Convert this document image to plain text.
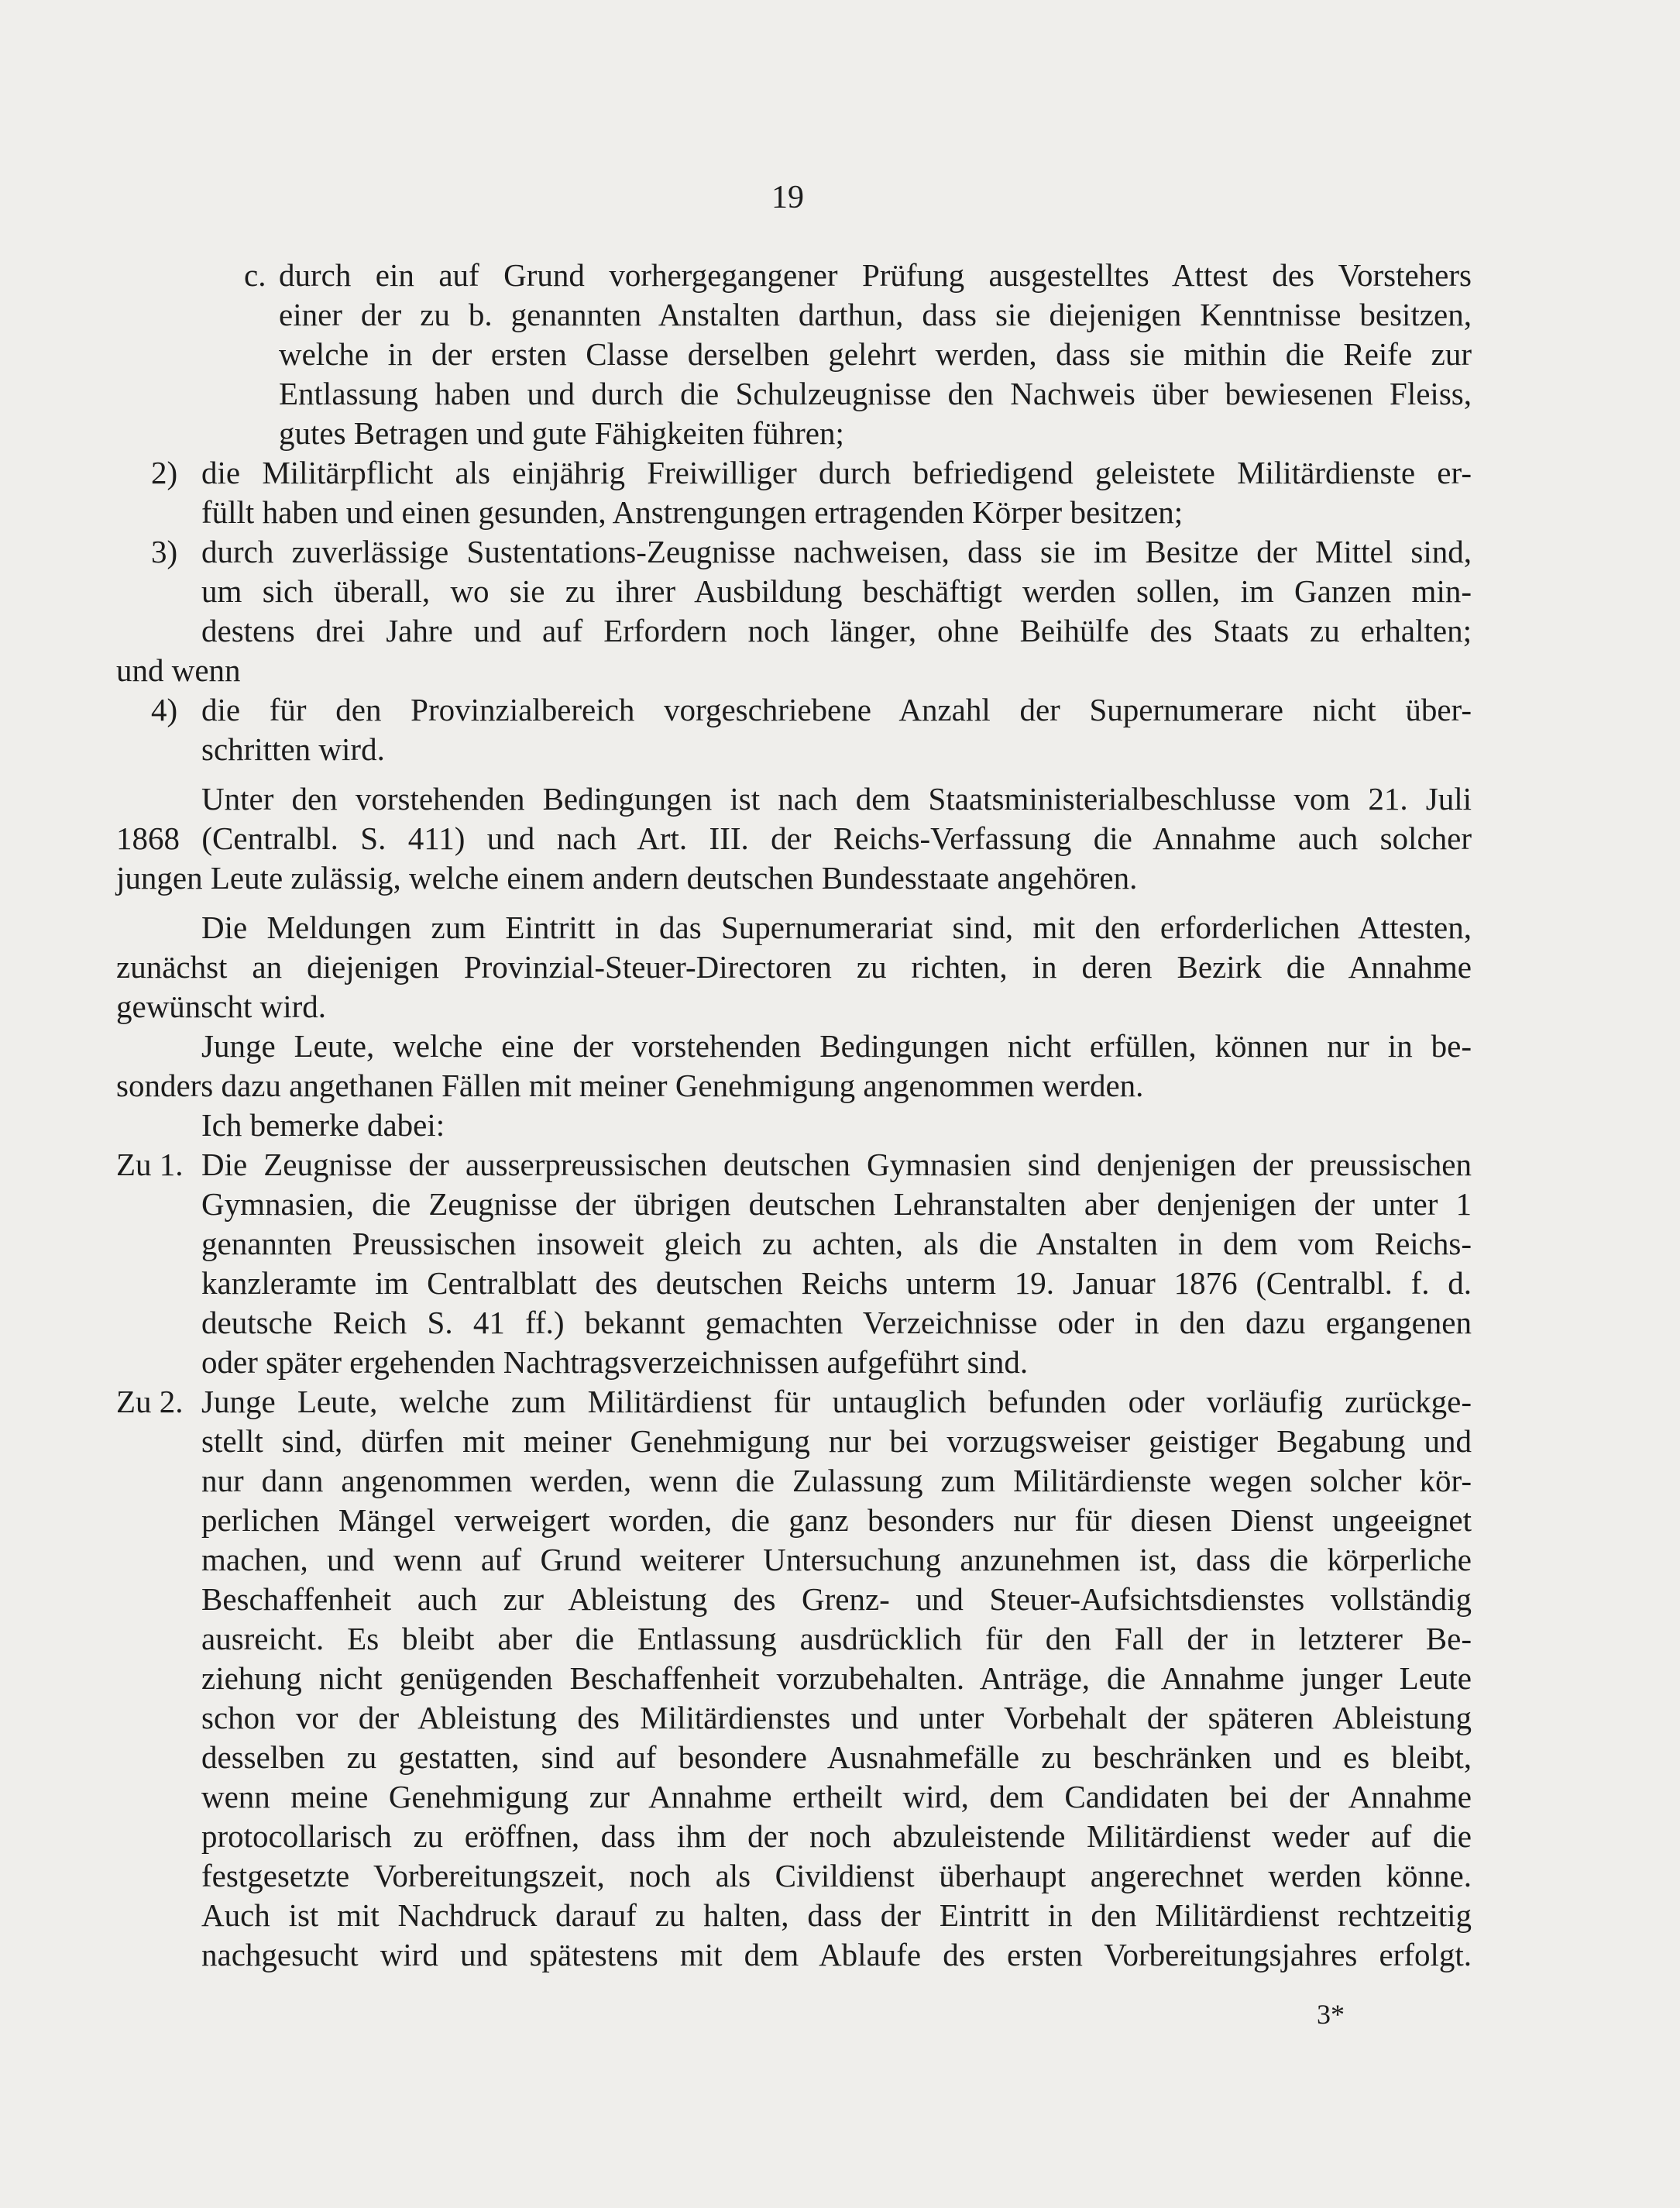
19
c. durch ein auf Grund vorhergegangener Prüfung ausgestelltes Attest des Vorstehers
einer der zu b. genannten Anstalten darthun, dass sie diejenigen Kenntnisse besitzen,
welche in der ersten Classe derselben gelehrt werden, dass sie mithin die Reife zur
Entlassung haben und durch die Schulzeugnisse den Nachweis über bewiesenen Fleiss,
gutes Betragen und gute Fähigkeiten führen;
2) die Militärpflicht als einjährig Freiwilliger durch befriedigend geleistete Militärdienste er-
füllt haben und einen gesunden, Anstrengungen ertragenden Körper besitzen;
3) durch zuverlässige Sustentations-Zeugnisse nachweisen, dass sie im Besitze der Mittel sind,
um sich überall, wo sie zu ihrer Ausbildung beschäftigt werden sollen, im Ganzen min-
destens drei Jahre und auf Erfordern noch länger, ohne Beihülfe des Staats zu erhalten;
und wenn
4) die für den Provinzialbereich vorgeschriebene Anzahl der Supernumerare nicht über-
schritten wird.
Unter den vorstehenden Bedingungen ist nach dem Staatsministerialbeschlusse vom 21. Juli
1868 (Centralbl. S. 411) und nach Art. III. der Reichs-Verfassung die Annahme auch solcher
jungen Leute zulässig, welche einem andern deutschen Bundesstaate angehören.
Die Meldungen zum Eintritt in das Supernumerariat sind, mit den erforderlichen Attesten,
zunächst an diejenigen Provinzial-Steuer-Directoren zu richten, in deren Bezirk die Annahme
gewünscht wird.
Junge Leute, welche eine der vorstehenden Bedingungen nicht erfüllen, können nur in be-
sonders dazu angethanen Fällen mit meiner Genehmigung angenommen werden.
Ich bemerke dabei:
Zu 1. Die Zeugnisse der ausserpreussischen deutschen Gymnasien sind denjenigen der preussischen
Gymnasien, die Zeugnisse der übrigen deutschen Lehranstalten aber denjenigen der unter 1
genannten Preussischen insoweit gleich zu achten, als die Anstalten in dem vom Reichs-
kanzleramte im Centralblatt des deutschen Reichs unterm 19. Januar 1876 (Centralbl. f. d.
deutsche Reich S. 41 ff.) bekannt gemachten Verzeichnisse oder in den dazu ergangenen
oder später ergehenden Nachtragsverzeichnissen aufgeführt sind.
Zu 2. Junge Leute, welche zum Militärdienst für untauglich befunden oder vorläufig zurückge-
stellt sind, dürfen mit meiner Genehmigung nur bei vorzugsweiser geistiger Begabung und
nur dann angenommen werden, wenn die Zulassung zum Militärdienste wegen solcher kör-
perlichen Mängel verweigert worden, die ganz besonders nur für diesen Dienst ungeeignet
machen, und wenn auf Grund weiterer Untersuchung anzunehmen ist, dass die körperliche
Beschaffenheit auch zur Ableistung des Grenz- und Steuer-Aufsichtsdienstes vollständig
ausreicht. Es bleibt aber die Entlassung ausdrücklich für den Fall der in letzterer Be-
ziehung nicht genügenden Beschaffenheit vorzubehalten. Anträge, die Annahme junger Leute
schon vor der Ableistung des Militärdienstes und unter Vorbehalt der späteren Ableistung
desselben zu gestatten, sind auf besondere Ausnahmefälle zu beschränken und es bleibt,
wenn meine Genehmigung zur Annahme ertheilt wird, dem Candidaten bei der Annahme
protocollarisch zu eröffnen, dass ihm der noch abzuleistende Militärdienst weder auf die
festgesetzte Vorbereitungszeit, noch als Civildienst überhaupt angerechnet werden könne.
Auch ist mit Nachdruck darauf zu halten, dass der Eintritt in den Militärdienst rechtzeitig
nachgesucht wird und spätestens mit dem Ablaufe des ersten Vorbereitungsjahres erfolgt.
3*
